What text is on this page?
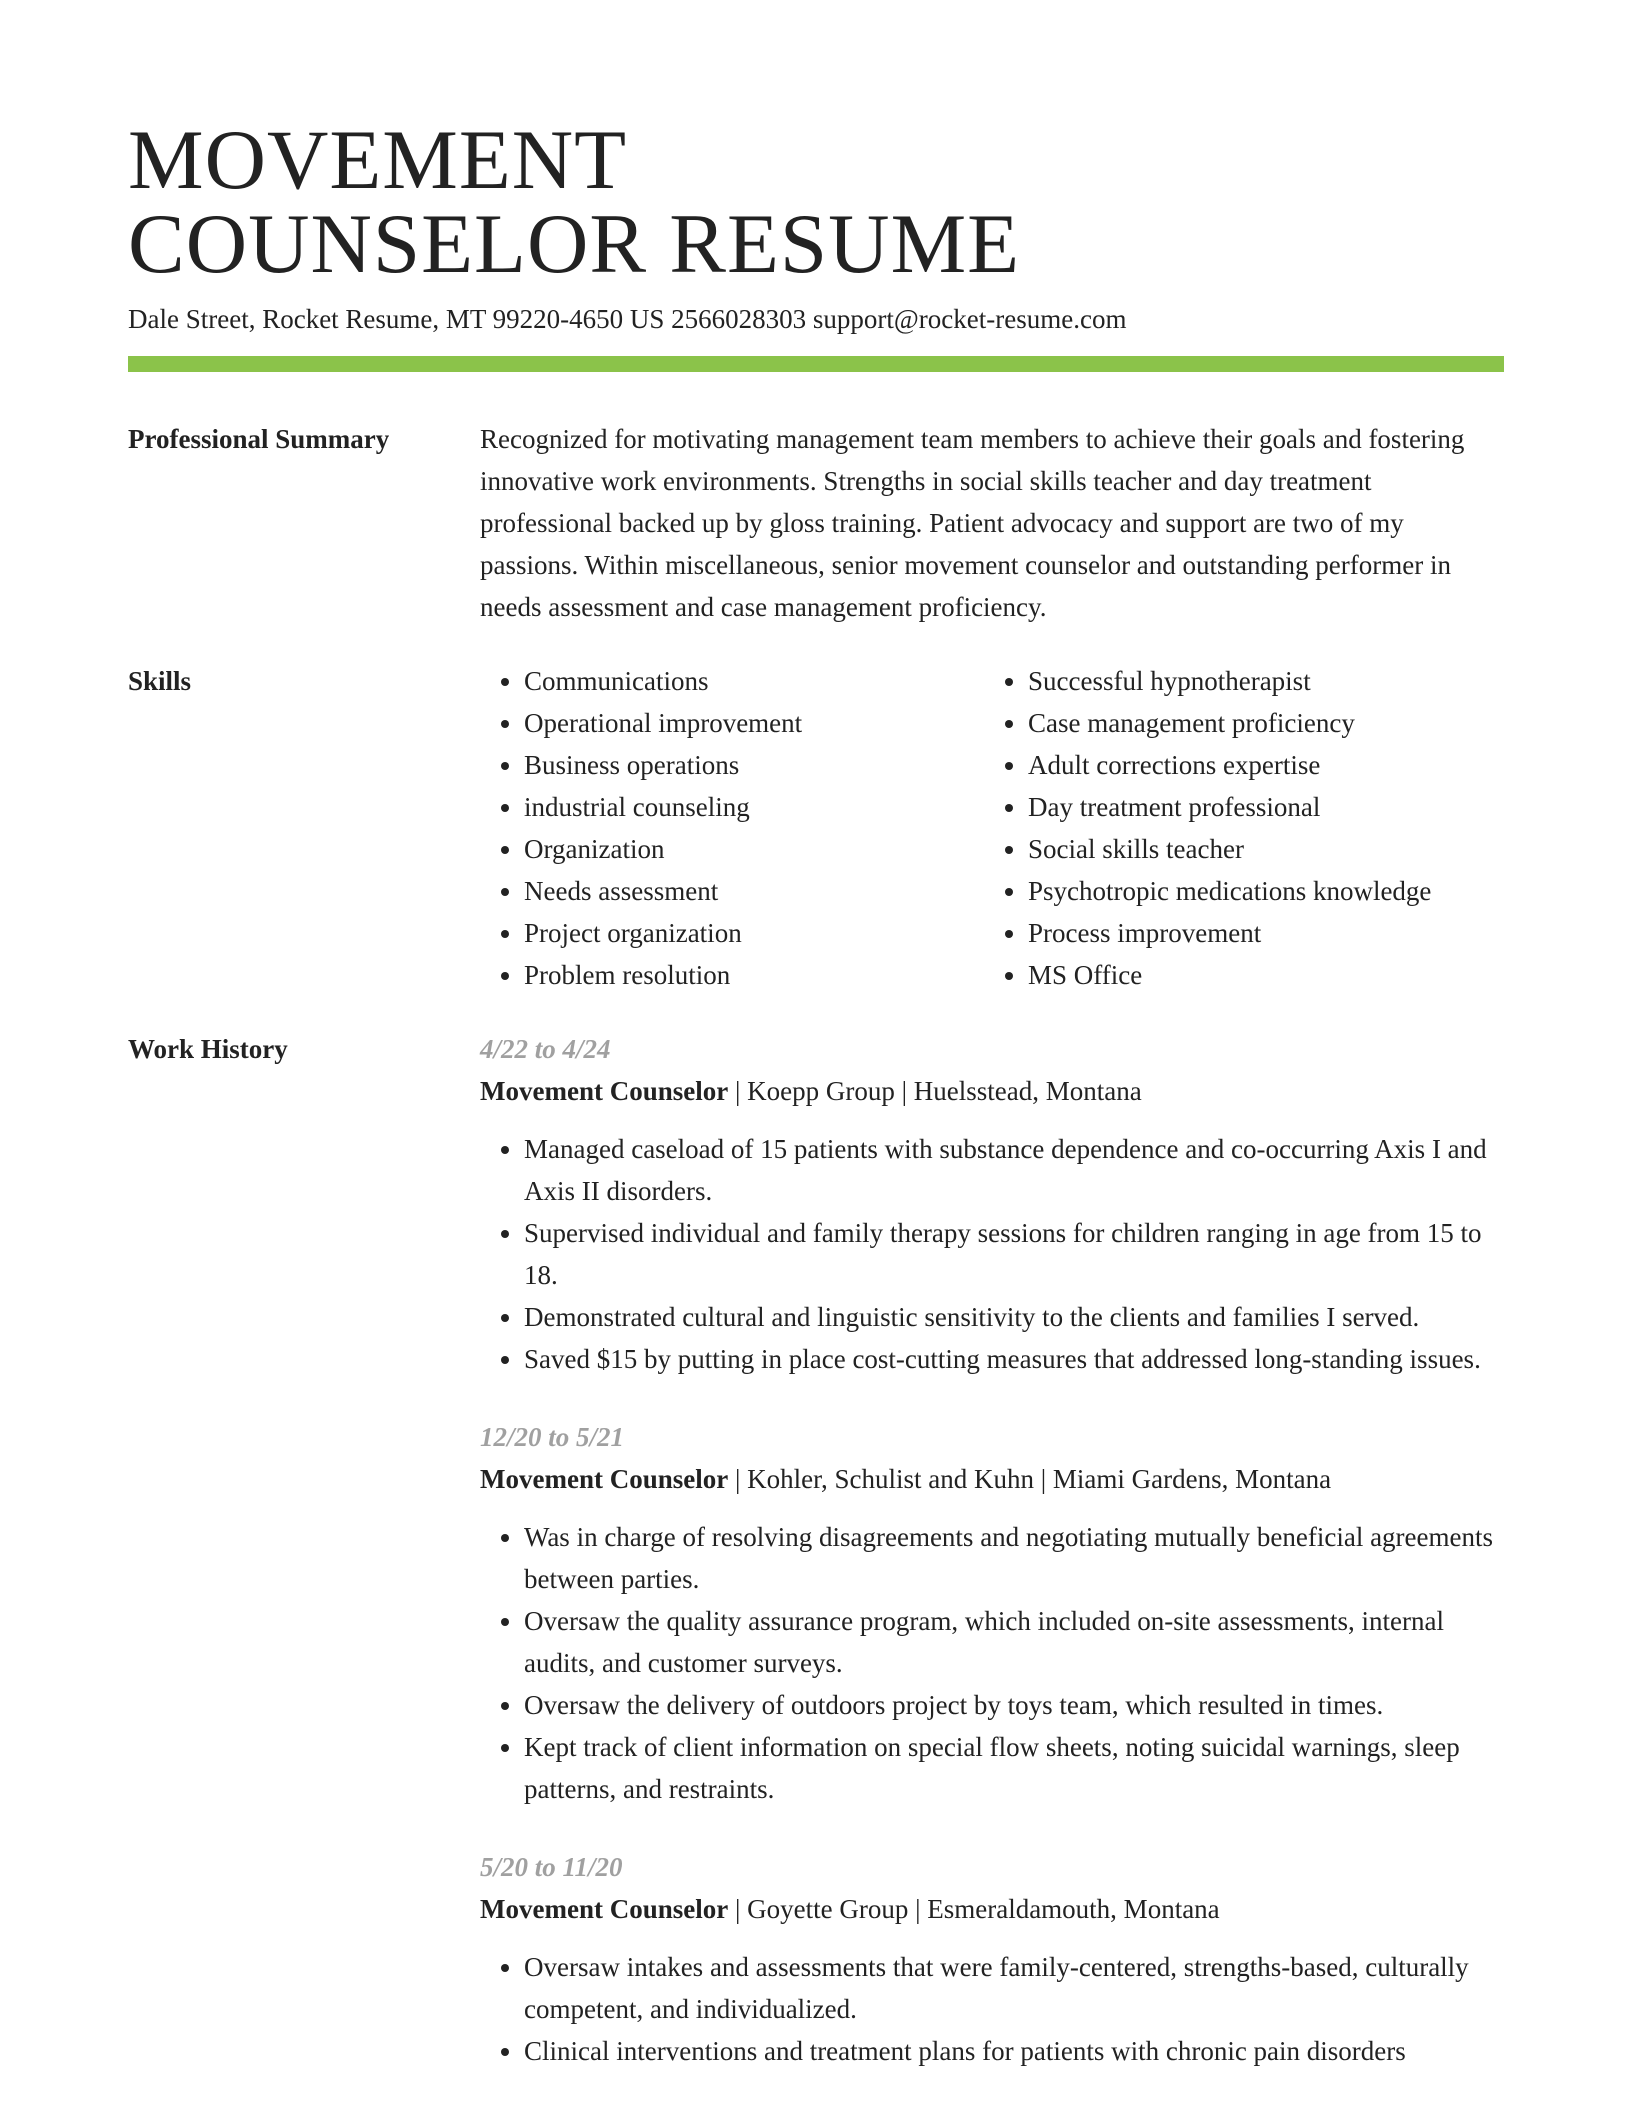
MOVEMENT
COUNSELOR RESUME
Dale Street, Rocket Resume, MT 99220-4650 US 2566028303 support@rocket-resume.com
Professional Summary	Recognized for motivating management team members to achieve their goals and fostering innovative work environments. Strengths in social skills teacher and day treatment professional backed up by gloss training. Patient advocacy and support are two of my passions. Within miscellaneous, senior movement counselor and outstanding performer in needs assessment and case management proficiency.

Skills
•	Communications
• Operational improvement
• Business operations
• industrial counseling
• Organization
• Needs assessment
• Project organization
• Problem resolution
• Successful hypnotherapist
• Case management proficiency
• Adult corrections expertise
• Day treatment professional
• Social skills teacher
• Psychotropic medications knowledge
• Process improvement
• MS Office
Work History	4/22 to 4/24
Movement Counselor | Koepp Group | Huelsstead, Montana
• Managed caseload of 15 patients with substance dependence and co-occurring Axis I and Axis II disorders.
• Supervised individual and family therapy sessions for children ranging in age from 15 to 18.
• Demonstrated cultural and linguistic sensitivity to the clients and families I served.
• Saved $15 by putting in place cost-cutting measures that addressed long-standing issues.
12/20 to 5/21
Movement Counselor | Kohler, Schulist and Kuhn | Miami Gardens, Montana
• Was in charge of resolving disagreements and negotiating mutually beneficial agreements between parties.
• Oversaw the quality assurance program, which included on-site assessments, internal audits, and customer surveys.
• Oversaw the delivery of outdoors project by toys team, which resulted in times.
• Kept track of client information on special flow sheets, noting suicidal warnings, sleep patterns, and restraints.
5/20 to 11/20
Movement Counselor | Goyette Group | Esmeraldamouth, Montana
• Oversaw intakes and assessments that were family-centered, strengths-based, culturally competent, and individualized.
• Clinical interventions and treatment plans for patients with chronic pain disorders
